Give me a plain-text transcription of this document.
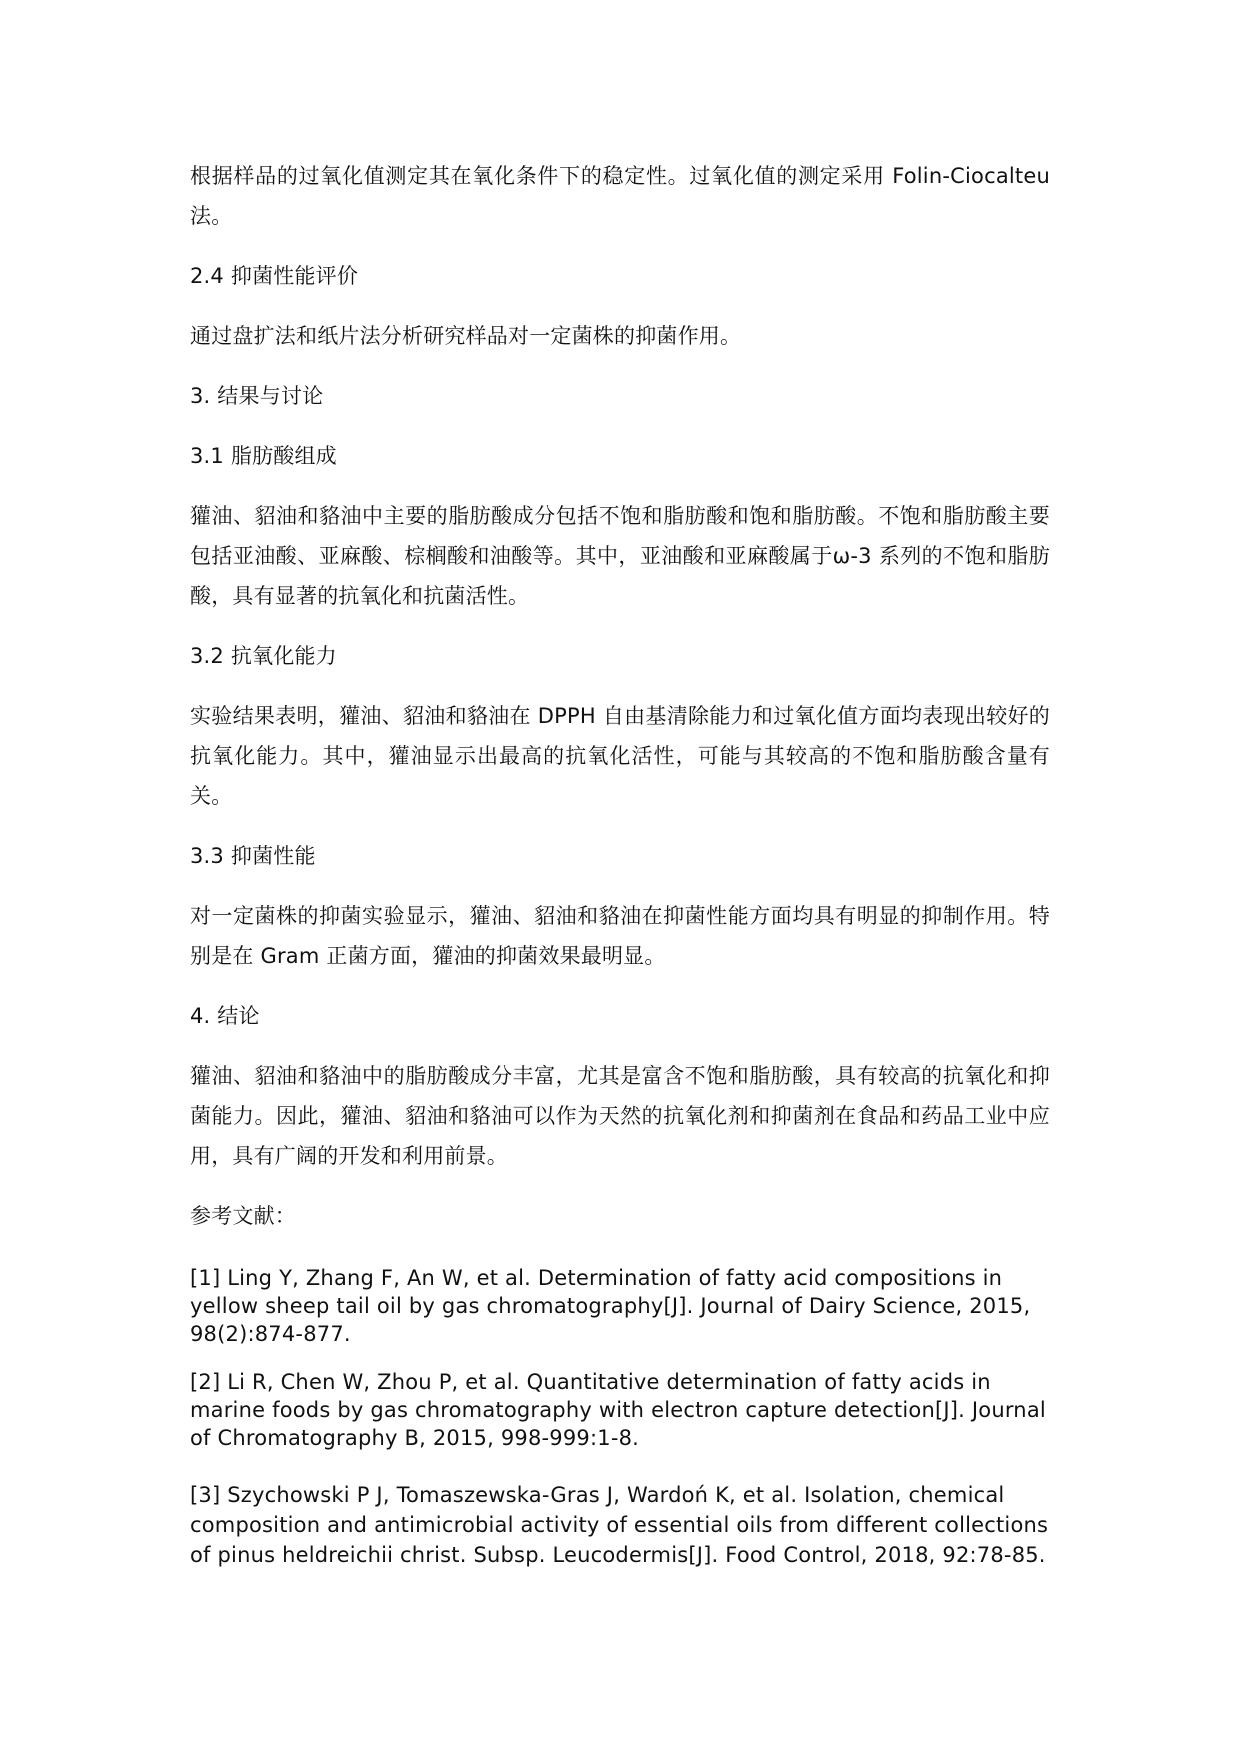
根据样品的过氧化值测定其在氧化条件下的稳定性。过氧化值的测定采用 Folin-Ciocalteu 法。

2.4 抑菌性能评价

通过盘扩法和纸片法分析研究样品对一定菌株的抑菌作用。

3. 结果与讨论

3.1 脂肪酸组成

獾油、貂油和貉油中主要的脂肪酸成分包括不饱和脂肪酸和饱和脂肪酸。不饱和脂肪酸主要包括亚油酸、亚麻酸、棕榈酸和油酸等。其中，亚油酸和亚麻酸属于ω-3 系列的不饱和脂肪酸，具有显著的抗氧化和抗菌活性。

3.2 抗氧化能力

实验结果表明，獾油、貂油和貉油在 DPPH 自由基清除能力和过氧化值方面均表现出较好的抗氧化能力。其中，獾油显示出最高的抗氧化活性，可能与其较高的不饱和脂肪酸含量有关。

3.3 抑菌性能

对一定菌株的抑菌实验显示，獾油、貂油和貉油在抑菌性能方面均具有明显的抑制作用。特别是在 Gram 正菌方面，獾油的抑菌效果最明显。

4. 结论

獾油、貂油和貉油中的脂肪酸成分丰富，尤其是富含不饱和脂肪酸，具有较高的抗氧化和抑菌能力。因此，獾油、貂油和貉油可以作为天然的抗氧化剂和抑菌剂在食品和药品工业中应用，具有广阔的开发和利用前景。

参考文献：

[1] Ling Y, Zhang F, An W, et al. Determination of fatty acid compositions in yellow sheep tail oil by gas chromatography[J]. Journal of Dairy Science, 2015, 98(2):874-877.

[2] Li R, Chen W, Zhou P, et al. Quantitative determination of fatty acids in marine foods by gas chromatography with electron capture detection[J]. Journal of Chromatography B, 2015, 998-999:1-8.

[3] Szychowski P J, Tomaszewska-Gras J, Wardoń K, et al. Isolation, chemical composition and antimicrobial activity of essential oils from different collections of pinus heldreichii christ. Subsp. Leucodermis[J]. Food Control, 2018, 92:78-85.
